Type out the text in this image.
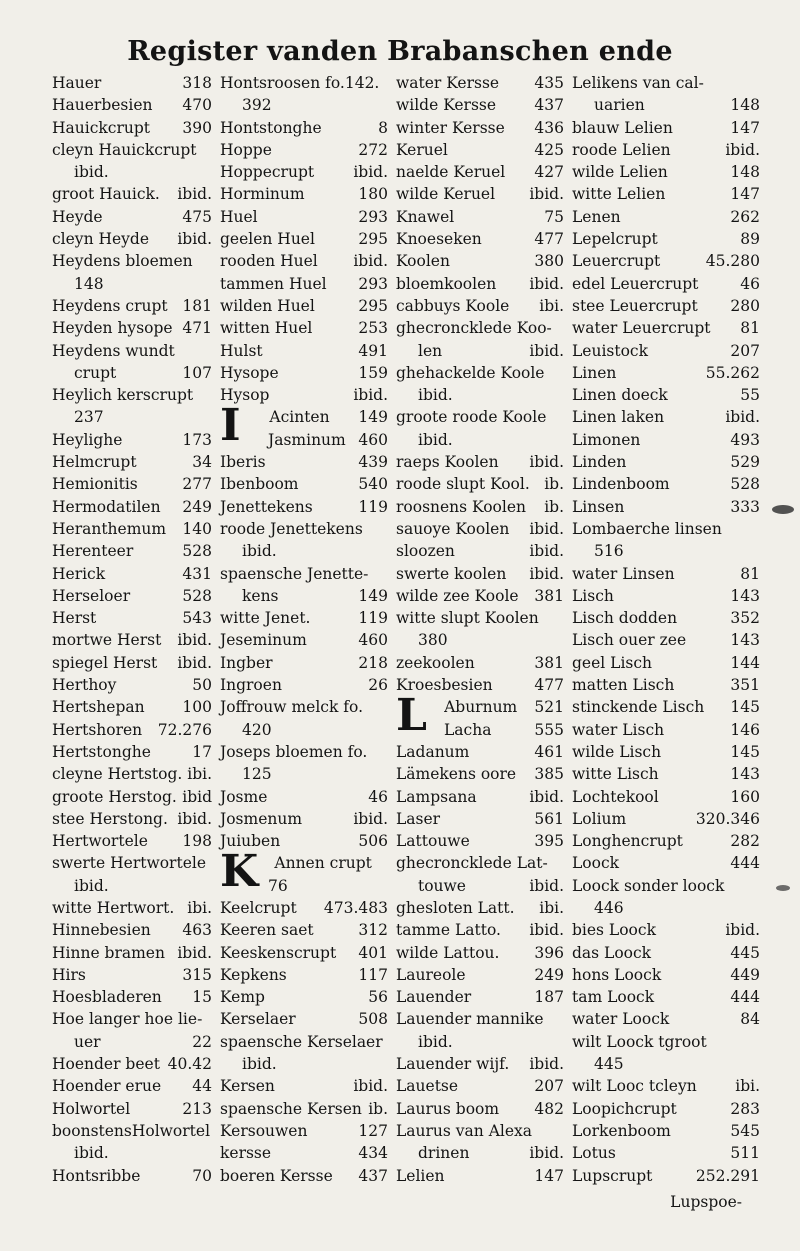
Register vanden Brabanschen ende
Hauer	318
Hauerbesien 470
Hauickcrupt 390
cleyn Hauickcrupt
ibid.
groot Hauick. ibid.
Heyde	475
cleyn Heyde ibid.
Heydens bloemen
148
Heydens crupt 181
Heyden hysope 471
Heydens wundt
crupt	107
Heylich kerscrupt
237
Heylighe	173
Helmcrupt	34
Hemionitis	277
Hermodatilen 249
Heranthemum 140
Herenteer	528
Herick	431
Herseloer	528
Herst	543
mortwe Herst ibid.
spiegel Herst ibid.
Herthoy	50
Hertshepan 100
Hertshoren 72.276
Hertstonghe	17
cleyne Hertstog. ibi.
groote Herstog. ibid
stee Herstong. ibid.
Hertwortele 198
swerte Hertwortele
ibid.
witte Hertwort. ibi.
Hinnebesien 463
Hinne bramen ibid.
Hirs	315
Hoesbladeren 15
Hoe langer hoe lie-
uer	22
Hoender beet 40.42
Hoender erue 44
Holwortel	213
boonstensHolwortel
ibid.
Hontsribbe	70
Hontsroosen fo.142.
392
Hontstonghe	8
Hoppe	272
Hoppecrupt	ibid.
Horminum	180
Huel	293
geelen Huel	295
rooden Huel ibid.
tammen Huel 293
wilden Huel	295
witten Huel	253
Hulst	491
Hysope	159
Hysop	ibid.
I Acinten 149
Jasminum 460
Iberis	439
Ibenboom	540
Jenettekens	119
roode Jenettekens
ibid.
spaensche Jenette-
kens	149
witte Jenet.	119
Jeseminum	460
Ingber	218
Ingroen	26
Joffrouw melck fo.
420
Joseps bloemen fo.
125
Josme	46
Josmenum	ibid.
Juiuben	506
K Annen crupt
76
Keelcrupt 473.483
Keeren saet	312
Keeskenscrupt 401
Kepkens	117
Kemp	56
Kerselaer	508
spaensche Kerselaer
ibid.
Kersen	ibid.
spaensche Kersen ib.
Kersouwen	127
kersse	434
boeren Kersse 437
water Kersse 435
wilde Kersse 437
winter Kersse 436
Keruel	425
naelde Keruel 427
wilde Keruel ibid.
Knawel	75
Knoeseken	477
Koolen	380
bloemkoolen ibid.
cabbuys Koole ibi.
ghecroncklede Koo-
len	ibid.
ghehackelde Koole
ibid.
groote roode Koole
ibid.
raeps Koolen ibid.
roode slupt Kool. ib.
roosnens Koolen ib.
sauoye Koolen ibid.
sloozen	ibid.
swerte koolen ibid.
wilde zee Koole 381
witte slupt Koolen
380
zeekoolen	381
Kroesbesien	477
L Aburnum 521
Lacha	555
Ladanum	461
Lämekens oore 385
Lampsana	ibid.
Laser	561
Lattouwe	395
ghecroncklede Lat-
touwe	ibid.
ghesloten Latt. ibi.
tamme Latto. ibid.
wilde Lattou. 396
Laureole	249
Lauender	187
Lauender mannike
ibid.
Lauender wijf. ibid.
Lauetse	207
Laurus boom 482
Laurus van Alexa
drinen	ibid.
Lelien	147
Lelikens van cal-
uarien	148
blauw Lelien	147
roode Lelien	ibid.
wilde Lelien	148
witte Lelien	147
Lenen	262
Lepelcrupt	89
Leuercrupt	45.280
edel Leuercrupt	46
stee Leuercrupt 280
water Leuercrupt 81
Leuistock	207
Linen	55.262
Linen doeck	55
Linen laken	ibid.
Limonen	493
Linden	529
Lindenboom	528
Linsen	333
Lombaerche linsen
516
water Linsen	81
Lisch	143
Lisch dodden	352
Lisch ouer zee	143
geel Lisch	144
matten Lisch	351
stinckende Lisch 145
water Lisch	146
wilde Lisch	145
witte Lisch	143
Lochtekool	160
Lolium	320.346
Longhencrupt	282
Loock	444
Loock sonder loock
446
bies Loock	ibid.
das Loock	445
hons Loock	449
tam Loock	444
water Loock	84
wilt Loock tgroot
445
wilt Looc tcleyn ibi.
Loopichcrupt	283
Lorkenboom	545
Lotus	511
Lupscrupt	252.291
Lupspoe-
